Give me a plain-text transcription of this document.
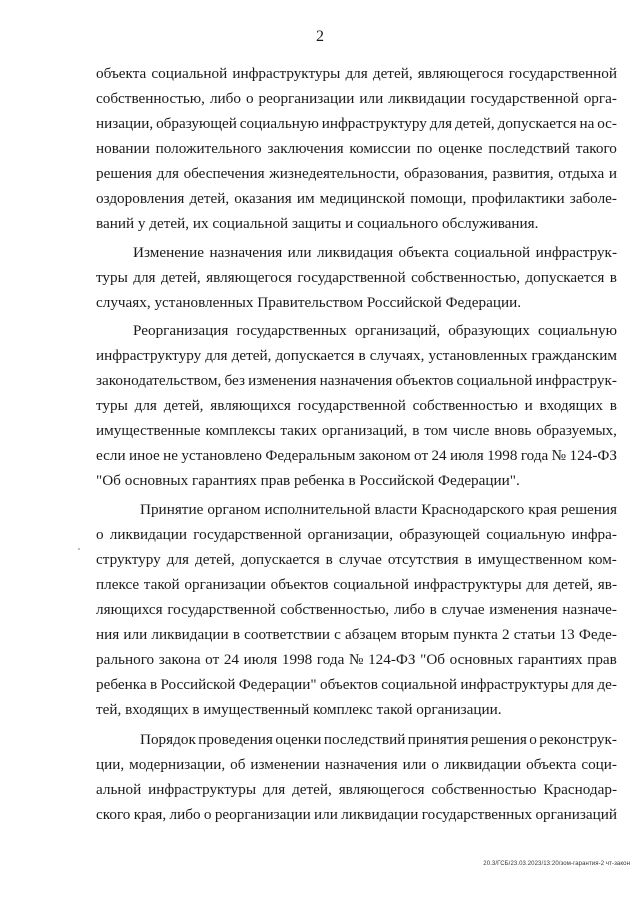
2
объекта социальной инфраструктуры для детей, являющегося государственной
собственностью, либо о реорганизации или ликвидации государственной орга-
низации, образующей социальную инфраструктуру для детей, допускается на ос-
новании положительного заключения комиссии по оценке последствий такого
решения для обеспечения жизнедеятельности, образования, развития, отдыха и
оздоровления детей, оказания им медицинской помощи, профилактики заболе-
ваний у детей, их социальной защиты и социального обслуживания.
Изменение назначения или ликвидация объекта социальной инфраструк-
туры для детей, являющегося государственной собственностью, допускается в
случаях, установленных Правительством Российской Федерации.
Реорганизация государственных организаций, образующих социальную
инфраструктуру для детей, допускается в случаях, установленных гражданским
законодательством, без изменения назначения объектов социальной инфраструк-
туры для детей, являющихся государственной собственностью и входящих в
имущественные комплексы таких организаций, в том числе вновь образуемых,
если иное не установлено Федеральным законом от 24 июля 1998 года № 124-ФЗ
"Об основных гарантиях прав ребенка в Российской Федерации".
Принятие органом исполнительной власти Краснодарского края решения
о ликвидации государственной организации, образующей социальную инфра-
структуру для детей, допускается в случае отсутствия в имущественном ком-
плексе такой организации объектов социальной инфраструктуры для детей, яв-
ляющихся государственной собственностью, либо в случае изменения назначе-
ния или ликвидации в соответствии с абзацем вторым пункта 2 статьи 13 Феде-
рального закона от 24 июля 1998 года № 124-ФЗ "Об основных гарантиях прав
ребенка в Российской Федерации" объектов социальной инфраструктуры для де-
тей, входящих в имущественный комплекс такой организации.
Порядок проведения оценки последствий принятия решения о реконструк-
ции, модернизации, об изменении назначения или о ликвидации объекта соци-
альной инфраструктуры для детей, являющегося собственностью Краснодар-
ского края, либо о реорганизации или ликвидации государственных организаций
20.3/ГСБ/23.03.2023/13:20/зом-гарантия-2 чт-закон
